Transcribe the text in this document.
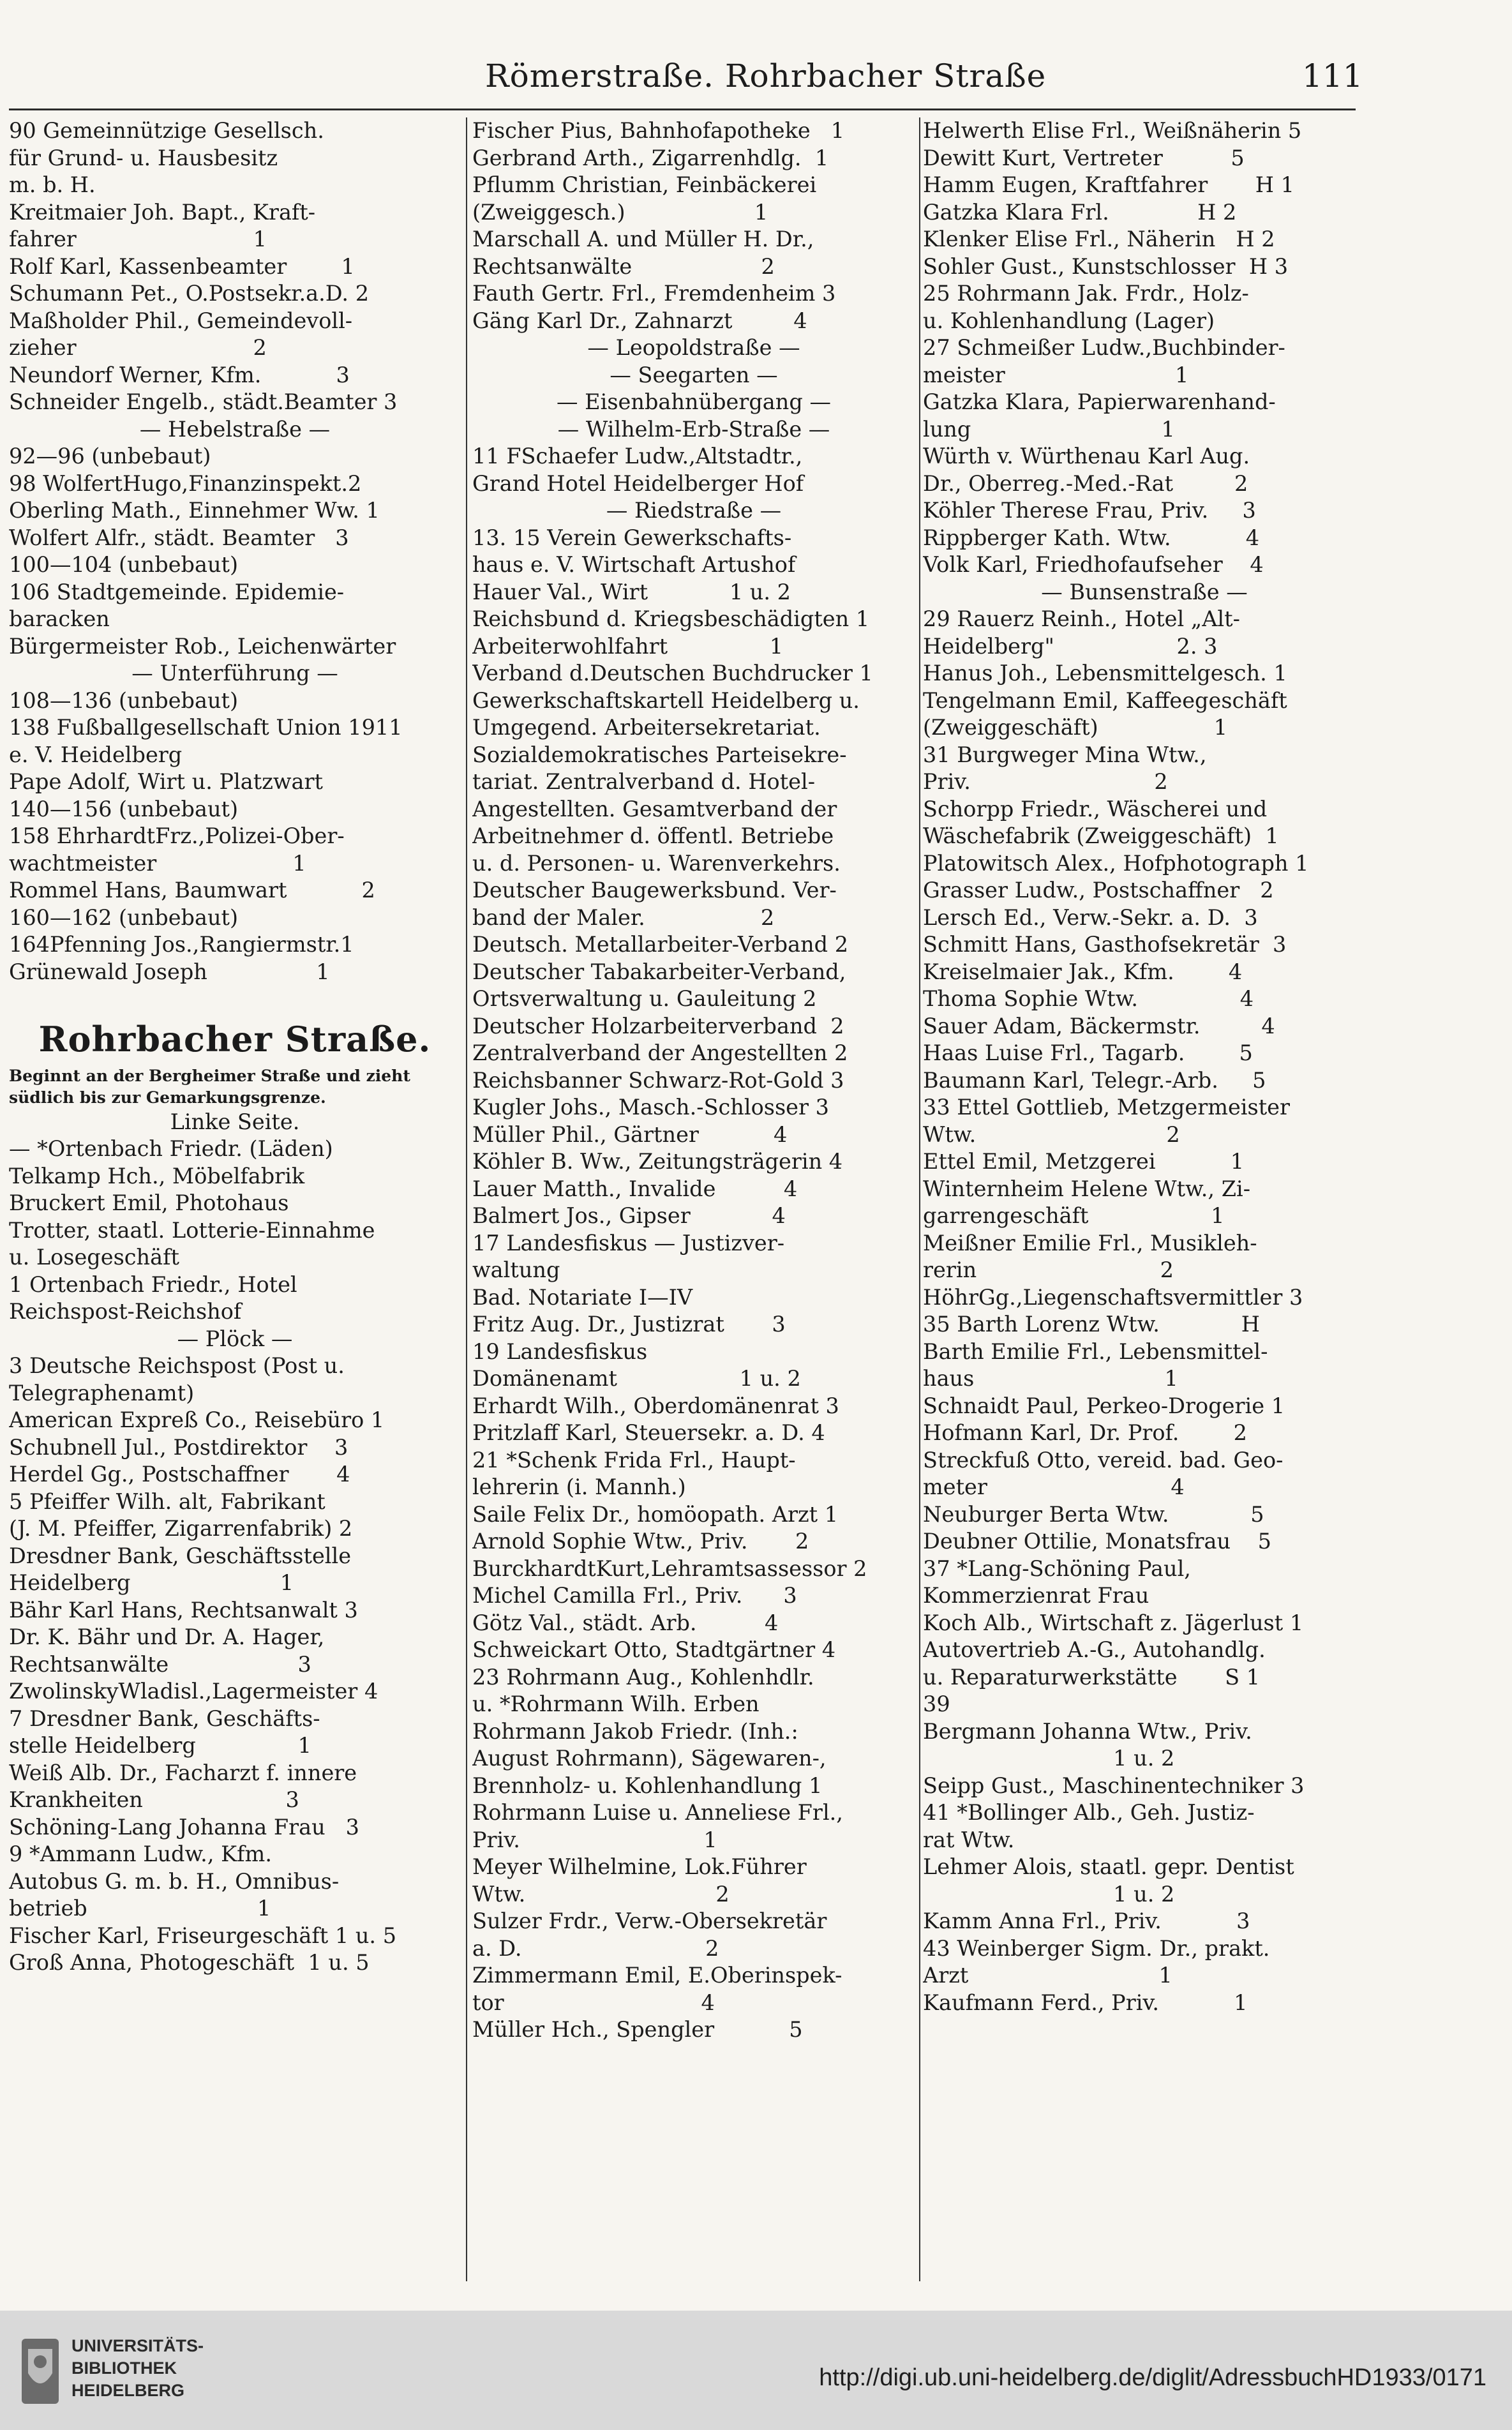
Römerstraße. Rohrbacher Straße	111
90 Gemeinnützige Gesellsch.
für Grund- u. Hausbesitz
m. b. H.
Kreitmaier Joh. Bapt., Kraft-
fahrer                          1
Rolf Karl, Kassenbeamter        1
Schumann Pet., O.Postsekr.a.D. 2
Maßholder Phil., Gemeindevoll-
zieher                          2
Neundorf Werner, Kfm.           3
Schneider Engelb., städt.Beamter 3
— Hebelstraße —
92—96 (unbebaut)
98 WolfertHugo,Finanzinspekt.2
Oberling Math., Einnehmer Ww. 1
Wolfert Alfr., städt. Beamter   3
100—104 (unbebaut)
106 Stadtgemeinde. Epidemie-
baracken
Bürgermeister Rob., Leichenwärter
— Unterführung —
108—136 (unbebaut)
138 Fußballgesellschaft Union 1911
e. V. Heidelberg
Pape Adolf, Wirt u. Platzwart
140—156 (unbebaut)
158 EhrhardtFrz.,Polizei-Ober-
wachtmeister                    1
Rommel Hans, Baumwart           2
160—162 (unbebaut)
164Pfenning Jos.,Rangiermstr.1
Grünewald Joseph                1
Rohrbacher Straße.
Beginnt an der Bergheimer Straße und zieht
südlich bis zur Gemarkungsgrenze.
Linke Seite.
— *Ortenbach Friedr. (Läden)
Telkamp Hch., Möbelfabrik
Bruckert Emil, Photohaus
Trotter, staatl. Lotterie-Einnahme
u. Losegeschäft
1 Ortenbach Friedr., Hotel
Reichspost-Reichshof
— Plöck —
3 Deutsche Reichspost (Post u.
Telegraphenamt)
American Expreß Co., Reisebüro 1
Schubnell Jul., Postdirektor    3
Herdel Gg., Postschaffner       4
5 Pfeiffer Wilh. alt, Fabrikant
(J. M. Pfeiffer, Zigarrenfabrik) 2
Dresdner Bank, Geschäftsstelle
Heidelberg                      1
Bähr Karl Hans, Rechtsanwalt 3
Dr. K. Bähr und Dr. A. Hager,
Rechtsanwälte                   3
ZwolinskyWladisl.,Lagermeister 4
7 Dresdner Bank, Geschäfts-
stelle Heidelberg               1
Weiß Alb. Dr., Facharzt f. innere
Krankheiten                     3
Schöning-Lang Johanna Frau   3
9 *Ammann Ludw., Kfm.
Autobus G. m. b. H., Omnibus-
betrieb                         1
Fischer Karl, Friseurgeschäft 1 u. 5
Groß Anna, Photogeschäft  1 u. 5
Fischer Pius, Bahnhofapotheke   1
Gerbrand Arth., Zigarrenhdlg.  1
Pflumm Christian, Feinbäckerei
(Zweiggesch.)                   1
Marschall A. und Müller H. Dr.,
Rechtsanwälte                   2
Fauth Gertr. Frl., Fremdenheim 3
Gäng Karl Dr., Zahnarzt         4
— Leopoldstraße —
— Seegarten —
— Eisenbahnübergang —
— Wilhelm-Erb-Straße —
11 FSchaefer Ludw.,Altstadtr.,
Grand Hotel Heidelberger Hof
— Riedstraße —
13. 15 Verein Gewerkschafts-
haus e. V. Wirtschaft Artushof
Hauer Val., Wirt            1 u. 2
Reichsbund d. Kriegsbeschädigten 1
Arbeiterwohlfahrt               1
Verband d.Deutschen Buchdrucker 1
Gewerkschaftskartell Heidelberg u.
Umgegend. Arbeitersekretariat.
Sozialdemokratisches Parteisekre-
tariat. Zentralverband d. Hotel-
Angestellten. Gesamtverband der
Arbeitnehmer d. öffentl. Betriebe
u. d. Personen- u. Warenverkehrs.
Deutscher Baugewerksbund. Ver-
band der Maler.                 2
Deutsch. Metallarbeiter-Verband 2
Deutscher Tabakarbeiter-Verband,
Ortsverwaltung u. Gauleitung 2
Deutscher Holzarbeiterverband  2
Zentralverband der Angestellten 2
Reichsbanner Schwarz-Rot-Gold 3
Kugler Johs., Masch.-Schlosser 3
Müller Phil., Gärtner           4
Köhler B. Ww., Zeitungsträgerin 4
Lauer Matth., Invalide          4
Balmert Jos., Gipser            4
17 Landesfiskus — Justizver-
waltung
Bad. Notariate I—IV
Fritz Aug. Dr., Justizrat       3
19 Landesfiskus
Domänenamt                  1 u. 2
Erhardt Wilh., Oberdomänenrat 3
Pritzlaff Karl, Steuersekr. a. D. 4
21 *Schenk Frida Frl., Haupt-
lehrerin (i. Mannh.)
Saile Felix Dr., homöopath. Arzt 1
Arnold Sophie Wtw., Priv.       2
BurckhardtKurt,Lehramtsassessor 2
Michel Camilla Frl., Priv.      3
Götz Val., städt. Arb.          4
Schweickart Otto, Stadtgärtner 4
23 Rohrmann Aug., Kohlenhdlr.
u. *Rohrmann Wilh. Erben
Rohrmann Jakob Friedr. (Inh.:
August Rohrmann), Sägewaren-,
Brennholz- u. Kohlenhandlung 1
Rohrmann Luise u. Anneliese Frl.,
Priv.                           1
Meyer Wilhelmine, Lok.Führer
Wtw.                            2
Sulzer Frdr., Verw.-Obersekretär
a. D.                           2
Zimmermann Emil, E.Oberinspek-
tor                             4
Müller Hch., Spengler           5
Helwerth Elise Frl., Weißnäherin 5
Dewitt Kurt, Vertreter          5
Hamm Eugen, Kraftfahrer       H 1
Gatzka Klara Frl.             H 2
Klenker Elise Frl., Näherin   H 2
Sohler Gust., Kunstschlosser  H 3
25 Rohrmann Jak. Frdr., Holz-
u. Kohlenhandlung (Lager)
27 Schmeißer Ludw.,Buchbinder-
meister                         1
Gatzka Klara, Papierwarenhand-
lung                            1
Würth v. Würthenau Karl Aug.
Dr., Oberreg.-Med.-Rat         2
Köhler Therese Frau, Priv.     3
Rippberger Kath. Wtw.           4
Volk Karl, Friedhofaufseher    4
— Bunsenstraße —
29 Rauerz Reinh., Hotel „Alt-
Heidelberg"                  2. 3
Hanus Joh., Lebensmittelgesch. 1
Tengelmann Emil, Kaffeegeschäft
(Zweiggeschäft)                 1
31 Burgweger Mina Wtw.,
Priv.                           2
Schorpp Friedr., Wäscherei und
Wäschefabrik (Zweiggeschäft)  1
Platowitsch Alex., Hofphotograph 1
Grasser Ludw., Postschaffner   2
Lersch Ed., Verw.-Sekr. a. D.  3
Schmitt Hans, Gasthofsekretär  3
Kreiselmaier Jak., Kfm.        4
Thoma Sophie Wtw.               4
Sauer Adam, Bäckermstr.         4
Haas Luise Frl., Tagarb.        5
Baumann Karl, Telegr.-Arb.     5
33 Ettel Gottlieb, Metzgermeister
Wtw.                            2
Ettel Emil, Metzgerei           1
Winternheim Helene Wtw., Zi-
garrengeschäft                  1
Meißner Emilie Frl., Musikleh-
rerin                           2
HöhrGg.,Liegenschaftsvermittler 3
35 Barth Lorenz Wtw.            H
Barth Emilie Frl., Lebensmittel-
haus                            1
Schnaidt Paul, Perkeo-Drogerie 1
Hofmann Karl, Dr. Prof.        2
Streckfuß Otto, vereid. bad. Geo-
meter                           4
Neuburger Berta Wtw.            5
Deubner Ottilie, Monatsfrau    5
37 *Lang-Schöning Paul,
Kommerzienrat Frau
Koch Alb., Wirtschaft z. Jägerlust 1
Autovertrieb A.-G., Autohandlg.
u. Reparaturwerkstätte       S 1
39
Bergmann Johanna Wtw., Priv.
1 u. 2
Seipp Gust., Maschinentechniker 3
41 *Bollinger Alb., Geh. Justiz-
rat Wtw.
Lehmer Alois, staatl. gepr. Dentist
1 u. 2
Kamm Anna Frl., Priv.           3
43 Weinberger Sigm. Dr., prakt.
Arzt                            1
Kaufmann Ferd., Priv.           1
UNIVERSITÄTS-
BIBLIOTHEK
HEIDELBERG	http://digi.ub.uni-heidelberg.de/diglit/AdressbuchHD1933/0171
